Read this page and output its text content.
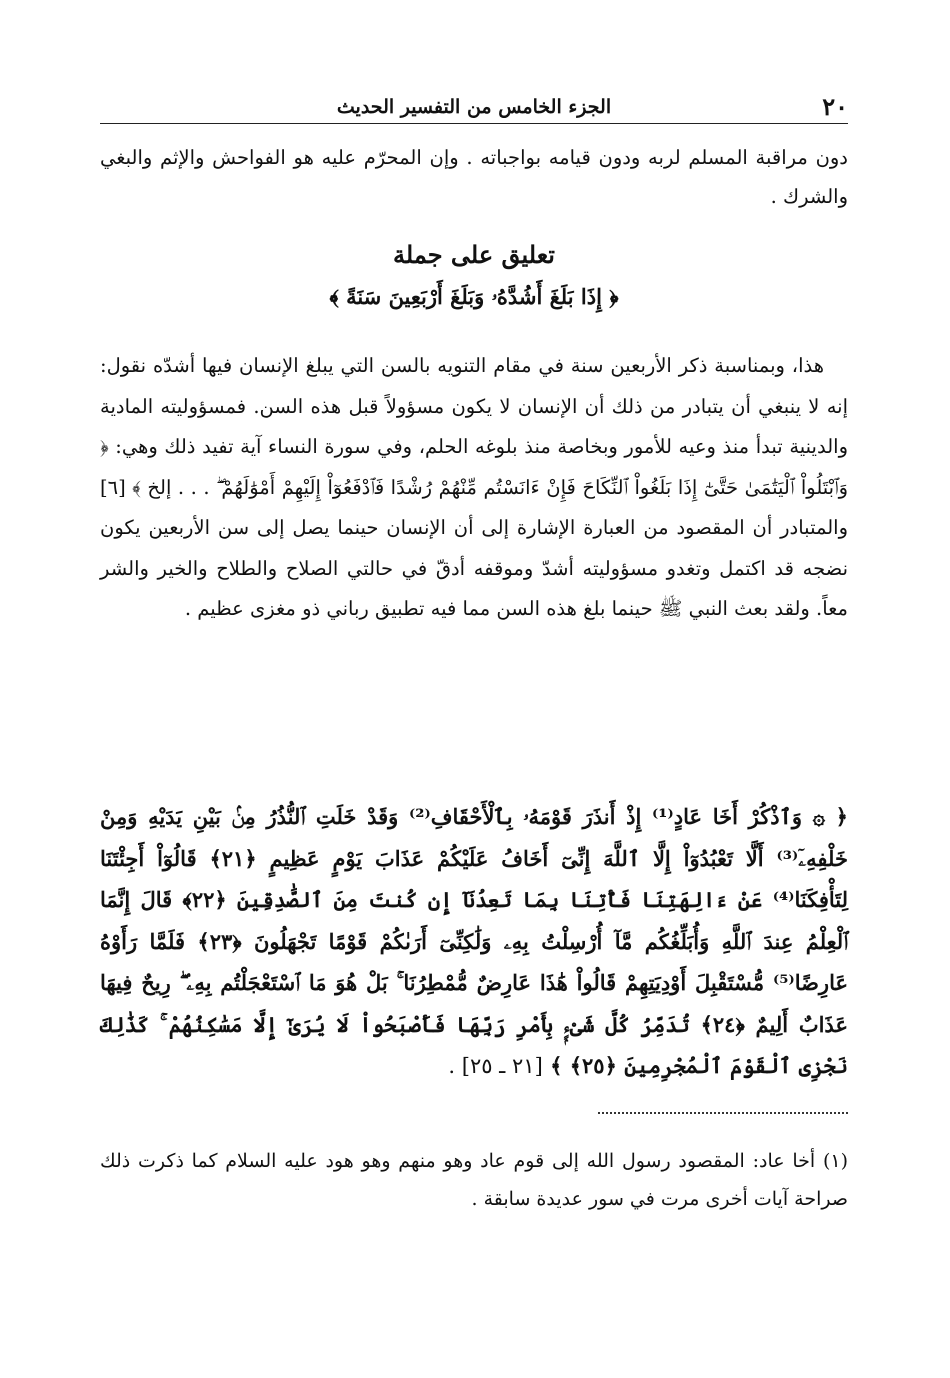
٢٠
الجزء الخامس من التفسير الحديث

دون مراقبة المسلم لربه ودون قيامه بواجباته . وإن المحرّم عليه هو الفواحش والإثم والبغي والشرك .

تعليق على جملة
﴿ إِذَا بَلَغَ أَشُدَّهُۥ وَبَلَغَ أَرْبَعِينَ سَنَةً ﴾

هذا، وبمناسبة ذكر الأربعين سنة في مقام التنويه بالسن التي يبلغ الإنسان فيها أشدّه نقول: إنه لا ينبغي أن يتبادر من ذلك أن الإنسان لا يكون مسؤولاً قبل هذه السن. فمسؤوليته المادية والدينية تبدأ منذ وعيه للأمور وبخاصة منذ بلوغه الحلم، وفي سورة النساء آية تفيد ذلك وهي: ﴿ وَٱبْتَلُواْ ٱلْيَتَٰمَىٰ حَتَّىٰٓ إِذَا بَلَغُواْ ٱلنِّكَاحَ فَإِنْ ءَانَسْتُم مِّنْهُمْ رُشْدًا فَٱدْفَعُوٓاْ إِلَيْهِمْ أَمْوَٰلَهُمْ ۖ . . . إلخ ﴾ [٦] والمتبادر أن المقصود من العبارة الإشارة إلى أن الإنسان حينما يصل إلى سن الأربعين يكون نضجه قد اكتمل وتغدو مسؤوليته أشدّ وموقفه أدقّ في حالتي الصلاح والطلاح والخير والشر معاً. ولقد بعث النبي ﷺ حينما بلغ هذه السن مما فيه تطبيق رباني ذو مغزى عظيم .

﴿ ۞ وَٱذْكُرْ أَخَا عَادٍ⁽¹⁾ إِذْ أَنذَرَ قَوْمَهُۥ بِٱلْأَحْقَافِ⁽²⁾ وَقَدْ خَلَتِ ٱلنُّذُرُ مِنۢ بَيْنِ يَدَيْهِ وَمِنْ خَلْفِهِۦٓ⁽³⁾ أَلَّا تَعْبُدُوٓاْ إِلَّا ٱللَّهَ إِنِّىٓ أَخَافُ عَلَيْكُمْ عَذَابَ يَوْمٍ عَظِيمٍ ﴿٢١﴾ قَالُوٓاْ أَجِئْتَنَا لِتَأْفِكَنَا⁽⁴⁾ عَنْ ءَالِهَتِنَا فَأْتِنَا بِمَا تَعِدُنَآ إِن كُنتَ مِنَ ٱلصَّٰدِقِينَ ﴿٢٢﴾ قَالَ إِنَّمَا ٱلْعِلْمُ عِندَ ٱللَّهِ وَأُبَلِّغُكُم مَّآ أُرْسِلْتُ بِهِۦ وَلَٰكِنِّىٓ أَرَىٰكُمْ قَوْمًا تَجْهَلُونَ ﴿٢٣﴾ فَلَمَّا رَأَوْهُ عَارِضًا⁽⁵⁾ مُّسْتَقْبِلَ أَوْدِيَتِهِمْ قَالُواْ هَٰذَا عَارِضٌ مُّمْطِرُنَا ۚ بَلْ هُوَ مَا ٱسْتَعْجَلْتُم بِهِۦ ۖ رِيحٌ فِيهَا عَذَابٌ أَلِيمٌ ﴿٢٤﴾ تُدَمِّرُ كُلَّ شَىْءٍۭ بِأَمْرِ رَبِّهَا فَأَصْبَحُواْ لَا يُرَىٰٓ إِلَّا مَسَٰكِنُهُمْ ۚ كَذَٰلِكَ نَجْزِى ٱلْقَوْمَ ٱلْمُجْرِمِينَ ﴿٢٥﴾ ﴾ [٢١ ـ ٢٥] .

(١) أخا عاد: المقصود رسول الله إلى قوم عاد وهو منهم وهو هود عليه السلام كما ذكرت ذلك صراحة آيات أخرى مرت في سور عديدة سابقة .
